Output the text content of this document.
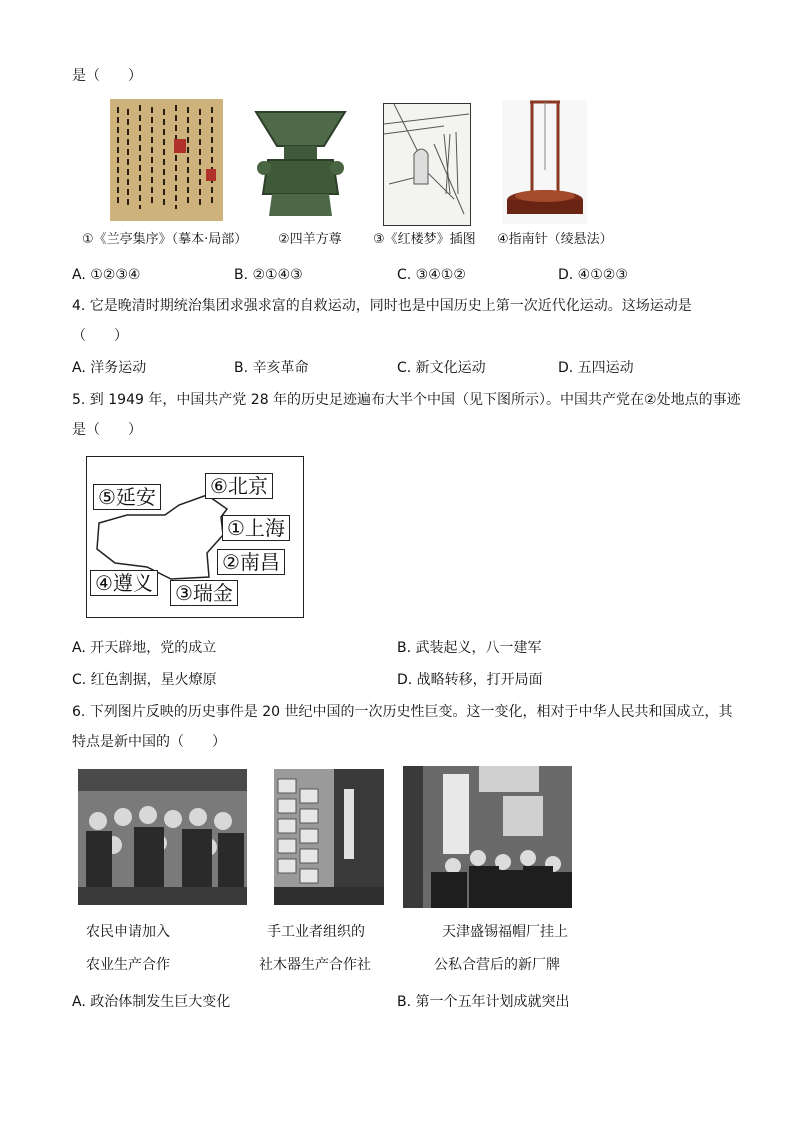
是（　　）
①《兰亭集序》（摹本·局部） ②四羊方尊 ③《红楼梦》插图 ④指南针（绫悬法）
A. ①②③④	B. ②①④③	C. ③④①②	D. ④①②③
4. 它是晚清时期统治集团求强求富的自救运动，同时也是中国历史上第一次近代化运动。这场运动是
（　　）
A. 洋务运动	B. 辛亥革命	C. 新文化运动	D. 五四运动
5. 到 1949 年，中国共产党 28 年的历史足迹遍布大半个中国（见下图所示）。中国共产党在②处地点的事迹
是（　　）
⑤延安	⑥北京
①上海
②南昌
④遵义 ③瑞金
A. 开天辟地，党的成立	B. 武装起义，八一建军
C. 红色割据，星火燎原	D. 战略转移，打开局面
6. 下列图片反映的历史事件是 20 世纪中国的一次历史性巨变。这一变化，相对于中华人民共和国成立，其
特点是新中国的（　　）
农民申请加入
农业生产合作
手工业者组织的
社木器生产合作社
天津盛锡福帽厂挂上
公私合营后的新厂牌
A. 政治体制发生巨大变化	B. 第一个五年计划成就突出
